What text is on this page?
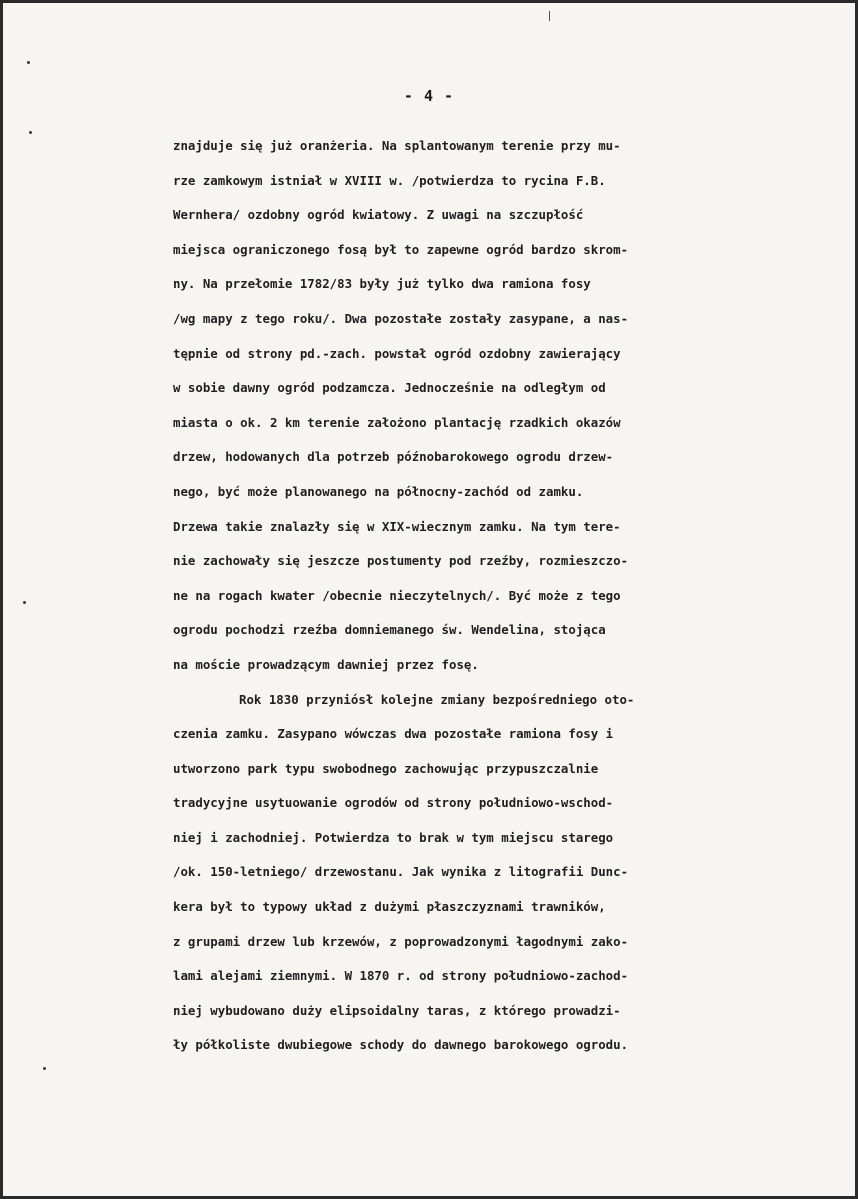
- 4 -
znajduje się już oranżeria. Na splantowanym terenie przy mu-
rze zamkowym istniał w XVIII w. /potwierdza to rycina F.B.
Wernhera/ ozdobny ogród kwiatowy. Z uwagi na szczupłość
miejsca ograniczonego fosą był to zapewne ogród bardzo skrom-
ny. Na przełomie 1782/83 były już tylko dwa ramiona fosy
/wg mapy z tego roku/. Dwa pozostałe zostały zasypane, a nas-
tępnie od strony pd.-zach. powstał ogród ozdobny zawierający
w sobie dawny ogród podzamcza. Jednocześnie na odległym od
miasta o ok. 2 km terenie założono plantację rzadkich okazów
drzew, hodowanych dla potrzeb późnobarokowego ogrodu drzew-
nego, być może planowanego na północny-zachód od zamku.
Drzewa takie znalazły się w XIX-wiecznym zamku. Na tym tere-
nie zachowały się jeszcze postumenty pod rzeźby, rozmieszczo-
ne na rogach kwater /obecnie nieczytelnych/. Być może z tego
ogrodu pochodzi rzeźba domniemanego św. Wendelina, stojąca
na moście prowadzącym dawniej przez fosę.
Rok 1830 przyniósł kolejne zmiany bezpośredniego oto-
czenia zamku. Zasypano wówczas dwa pozostałe ramiona fosy i
utworzono park typu swobodnego zachowując przypuszczalnie
tradycyjne usytuowanie ogrodów od strony południowo-wschod-
niej i zachodniej. Potwierdza to brak w tym miejscu starego
/ok. 150-letniego/ drzewostanu. Jak wynika z litografii Dunc-
kera był to typowy układ z dużymi płaszczyznami trawników,
z grupami drzew lub krzewów, z poprowadzonymi łagodnymi zako-
lami alejami ziemnymi. W 1870 r. od strony południowo-zachod-
niej wybudowano duży elipsoidalny taras, z którego prowadzi-
ły półkoliste dwubiegowe schody do dawnego barokowego ogrodu.
